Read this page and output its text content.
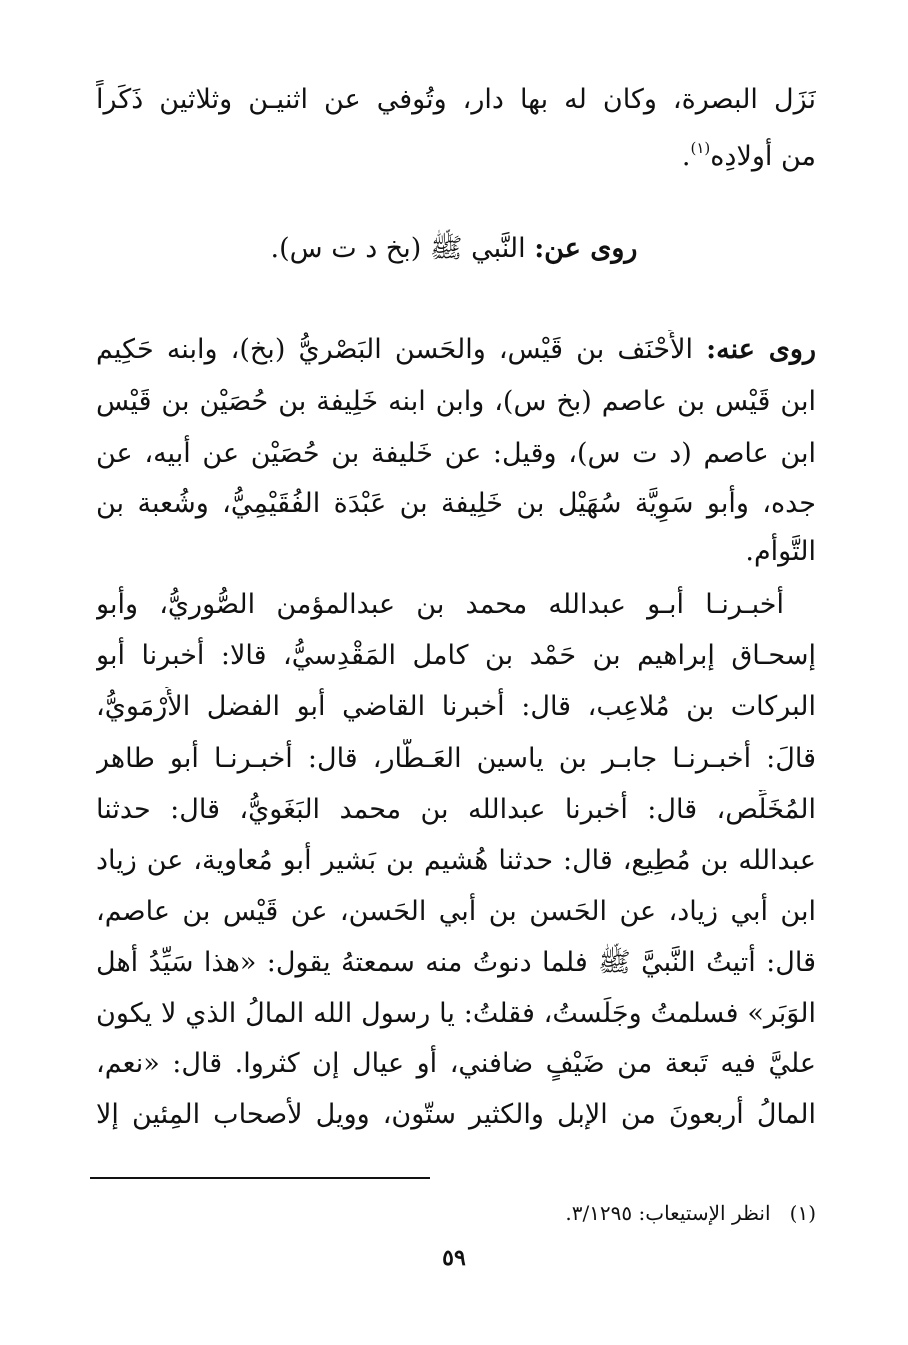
نَزَل البصرة، وكان له بها دار، وتُوفي عن اثنيـن وثلاثين ذَكَراً
من أولادِه$^{(١)}$.
روى عن: النَّبي ﷺ (بخ د ت س).
روى عنه: الأَحْنَف بن قَيْس، والحَسن البَصْريُّ (بخ)، وابنه حَكِيم
ابن قَيْس بن عاصم (بخ س)، وابن ابنه خَلِيفة بن حُصَيْن بن قَيْس
ابن عاصم (د ت س)، وقيل: عن خَليفة بن حُصَيْن عن أبيه، عن
جده، وأبو سَوِيَّة سُهَيْل بن خَلِيفة بن عَبْدَة الفُقَيْمِيُّ، وشُعبة بن
التَّوأم.
أخبـرنـا أبـو عبدالله محمد بن عبدالمؤمن الصُّوريُّ، وأبو
إسحـاق إبراهيم بن حَمْد بن كامل المَقْدِسيُّ، قالا: أخبرنا أبو
البركات بن مُلاعِب، قال: أخبرنا القاضي أبو الفضل الأُرْمَويُّ،
قالَ: أخبـرنـا جابـر بن ياسين العَـطَّار، قال: أخبـرنـا أبو طاهر
المُخَلِّص، قال: أخبرنا عبدالله بن محمد البَغَويُّ، قال: حدثنا
عبدالله بن مُطِيع، قال: حدثنا هُشيم بن بَشير أبو مُعاوية، عن زياد
ابن أبي زياد، عن الحَسن بن أبي الحَسن، عن قَيْس بن عاصم،
قال: أتيتُ النَّبيَّ ﷺ فلما دنوتُ منه سمعتهُ يقول: «هذا سَيِّدُ أهل
الوَبَر» فسلمتُ وجَلَستُ، فقلتُ: يا رسول الله المالُ الذي لا يكون
عليَّ فيه تَبعة من ضَيْفٍ ضافني، أو عيال إن كثروا. قال: «نعم،
المالُ أربعونَ من الإبل والكثير ستّون، وويل لأصحاب المِئين إلا
(١)   انظر الإستيعاب: ٣/١٢٩٥.
٥٩
